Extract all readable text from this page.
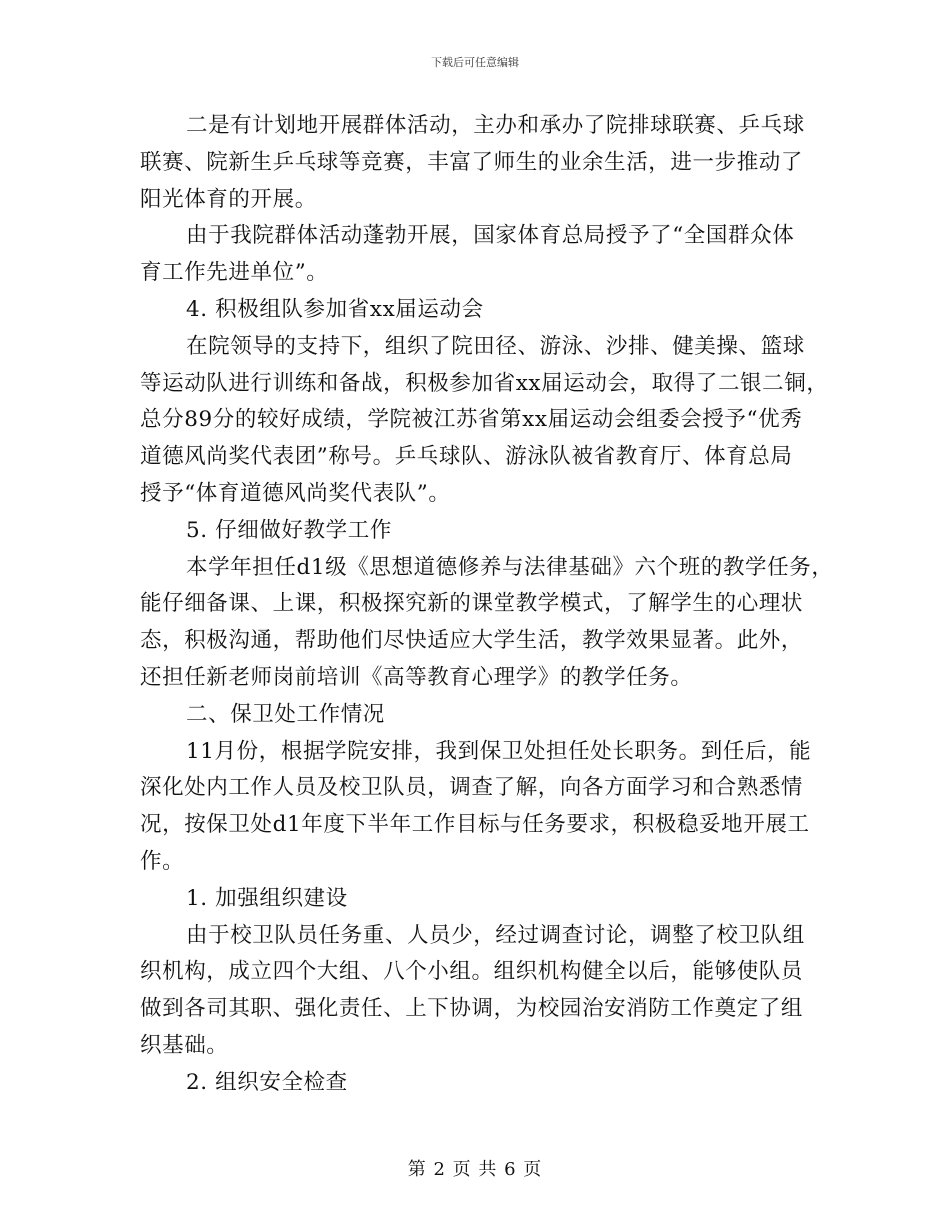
下载后可任意编辑

二是有计划地开展群体活动，主办和承办了院排球联赛、乒乓球

联赛、院新生乒乓球等竞赛，丰富了师生的业余生活，进一步推动了

阳光体育的开展。

由于我院群体活动蓬勃开展，国家体育总局授予了“全国群众体

育工作先进单位”。

4. 积极组队参加省xx届运动会

在院领导的支持下，组织了院田径、游泳、沙排、健美操、篮球

等运动队进行训练和备战，积极参加省xx届运动会，取得了二银二铜，

总分89分的较好成绩，学院被江苏省第xx届运动会组委会授予“优秀

道德风尚奖代表团”称号。乒乓球队、游泳队被省教育厅、体育总局

授予“体育道德风尚奖代表队”。

5. 仔细做好教学工作

本学年担任d1级《思想道德修养与法律基础》六个班的教学任务，

能仔细备课、上课，积极探究新的课堂教学模式，了解学生的心理状

态，积极沟通，帮助他们尽快适应大学生活，教学效果显著。此外，

还担任新老师岗前培训《高等教育心理学》的教学任务。

二、保卫处工作情况

11月份，根据学院安排，我到保卫处担任处长职务。到任后，能

深化处内工作人员及校卫队员，调查了解，向各方面学习和合熟悉情

况，按保卫处d1年度下半年工作目标与任务要求，积极稳妥地开展工

作。

1. 加强组织建设

由于校卫队员任务重、人员少，经过调查讨论，调整了校卫队组

织机构，成立四个大组、八个小组。组织机构健全以后，能够使队员

做到各司其职、强化责任、上下协调，为校园治安消防工作奠定了组

织基础。

2. 组织安全检查

第 2 页 共 6 页
